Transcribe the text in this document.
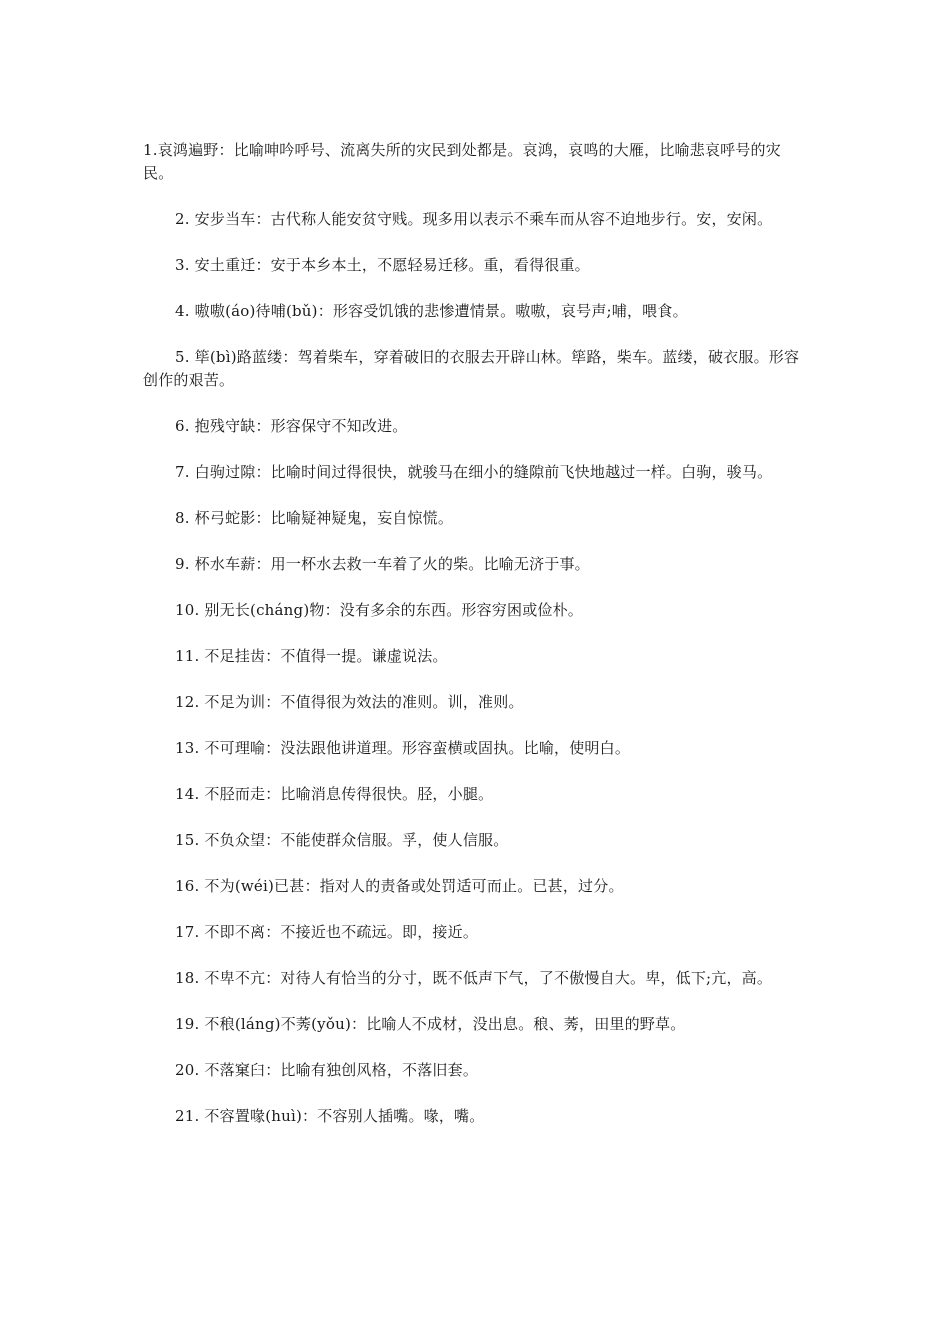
1.哀鸿遍野：比喻呻吟呼号、流离失所的灾民到处都是。哀鸿，哀鸣的大雁，比喻悲哀呼号的灾民。

2. 安步当车：古代称人能安贫守贱。现多用以表示不乘车而从容不迫地步行。安，安闲。

3. 安土重迁：安于本乡本土，不愿轻易迁移。重，看得很重。

4. 嗷嗷(áo)待哺(bǔ)：形容受饥饿的悲惨遭情景。嗷嗷，哀号声;哺，喂食。

5. 筚(bì)路蓝缕：驾着柴车，穿着破旧的衣服去开辟山林。筚路，柴车。蓝缕，破衣服。形容创作的艰苦。

6. 抱残守缺：形容保守不知改进。

7. 白驹过隙：比喻时间过得很快，就骏马在细小的缝隙前飞快地越过一样。白驹，骏马。

8. 杯弓蛇影：比喻疑神疑鬼，妄自惊慌。

9. 杯水车薪：用一杯水去救一车着了火的柴。比喻无济于事。

10. 别无长(cháng)物：没有多余的东西。形容穷困或俭朴。

11. 不足挂齿：不值得一提。谦虚说法。

12. 不足为训：不值得很为效法的准则。训，准则。

13. 不可理喻：没法跟他讲道理。形容蛮横或固执。比喻，使明白。

14. 不胫而走：比喻消息传得很快。胫，小腿。

15. 不负众望：不能使群众信服。孚，使人信服。

16. 不为(wéi)已甚：指对人的责备或处罚适可而止。已甚，过分。

17. 不即不离：不接近也不疏远。即，接近。

18. 不卑不亢：对待人有恰当的分寸，既不低声下气，了不傲慢自大。卑，低下;亢，高。

19. 不稂(láng)不莠(yǒu)：比喻人不成材，没出息。稂、莠，田里的野草。

20. 不落窠臼：比喻有独创风格，不落旧套。

21. 不容置喙(huì)：不容别人插嘴。喙，嘴。
